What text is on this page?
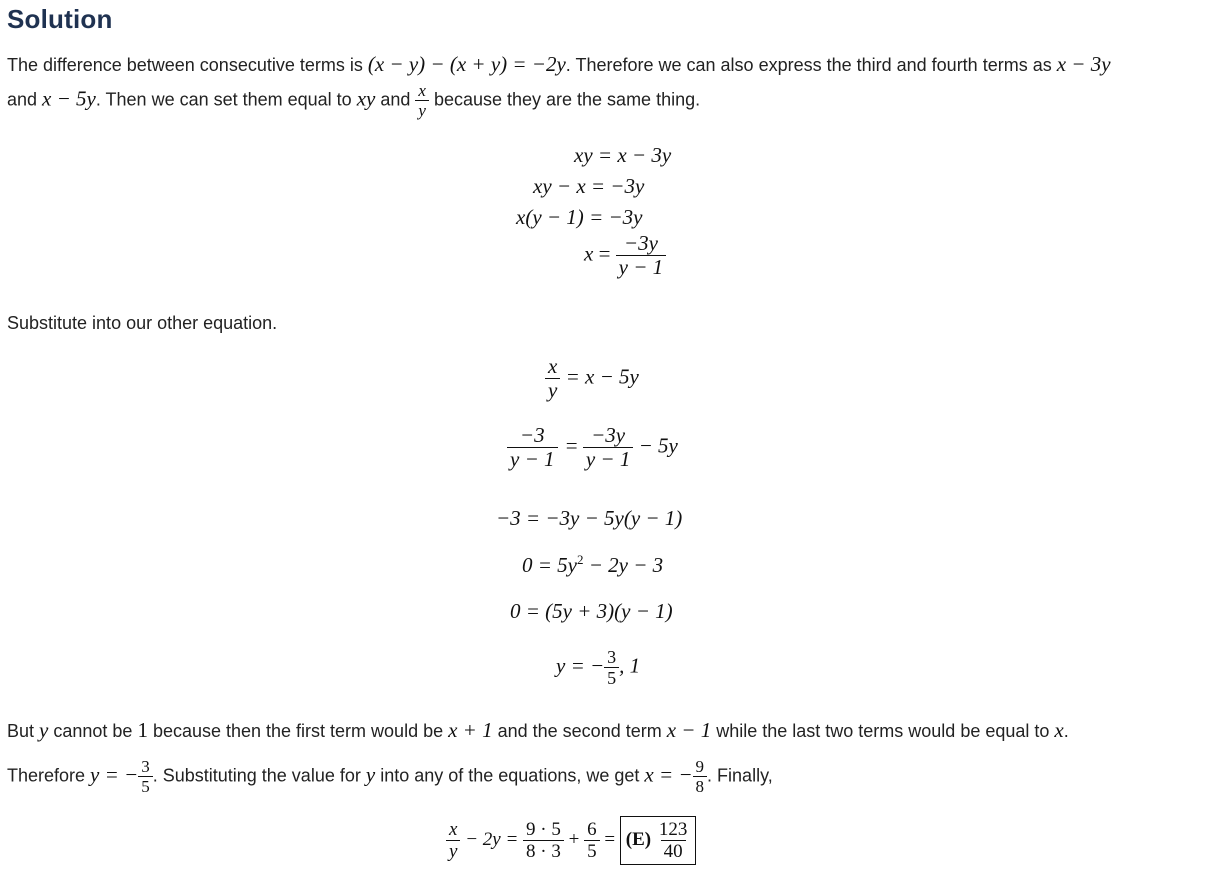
Solution
The difference between consecutive terms is (x − y) − (x + y) = −2y. Therefore we can also express the third and fourth terms as x − 3y
and x − 5y. Then we can set them equal to xy and $\frac{x}{y}$ because they are the same thing.
xy = x − 3y
xy − x = −3y
x(y − 1) = −3y
$x = \frac{-3y}{y - 1}$
Substitute into our other equation.
$\frac{x}{y} = x - 5y$
$\frac{-3}{y - 1} = \frac{-3y}{y - 1} - 5y$
−3 = −3y − 5y(y − 1)
$0 = 5y^2 - 2y - 3$
0 = (5y + 3)(y − 1)
y = − $\frac{3}{5}$ , 1
But y cannot be 1 because then the first term would be x + 1 and the second term x − 1 while the last two terms would be equal to x.
Therefore y = − $\frac{3}{5}$ . Substituting the value for y into any of the equations, we get x = − $\frac{9}{8}$ . Finally,
$\frac{x}{y} - 2y = \frac{9 \cdot 5}{8 \cdot 3} + \frac{6}{5} = (E) \frac{123}{40}$
